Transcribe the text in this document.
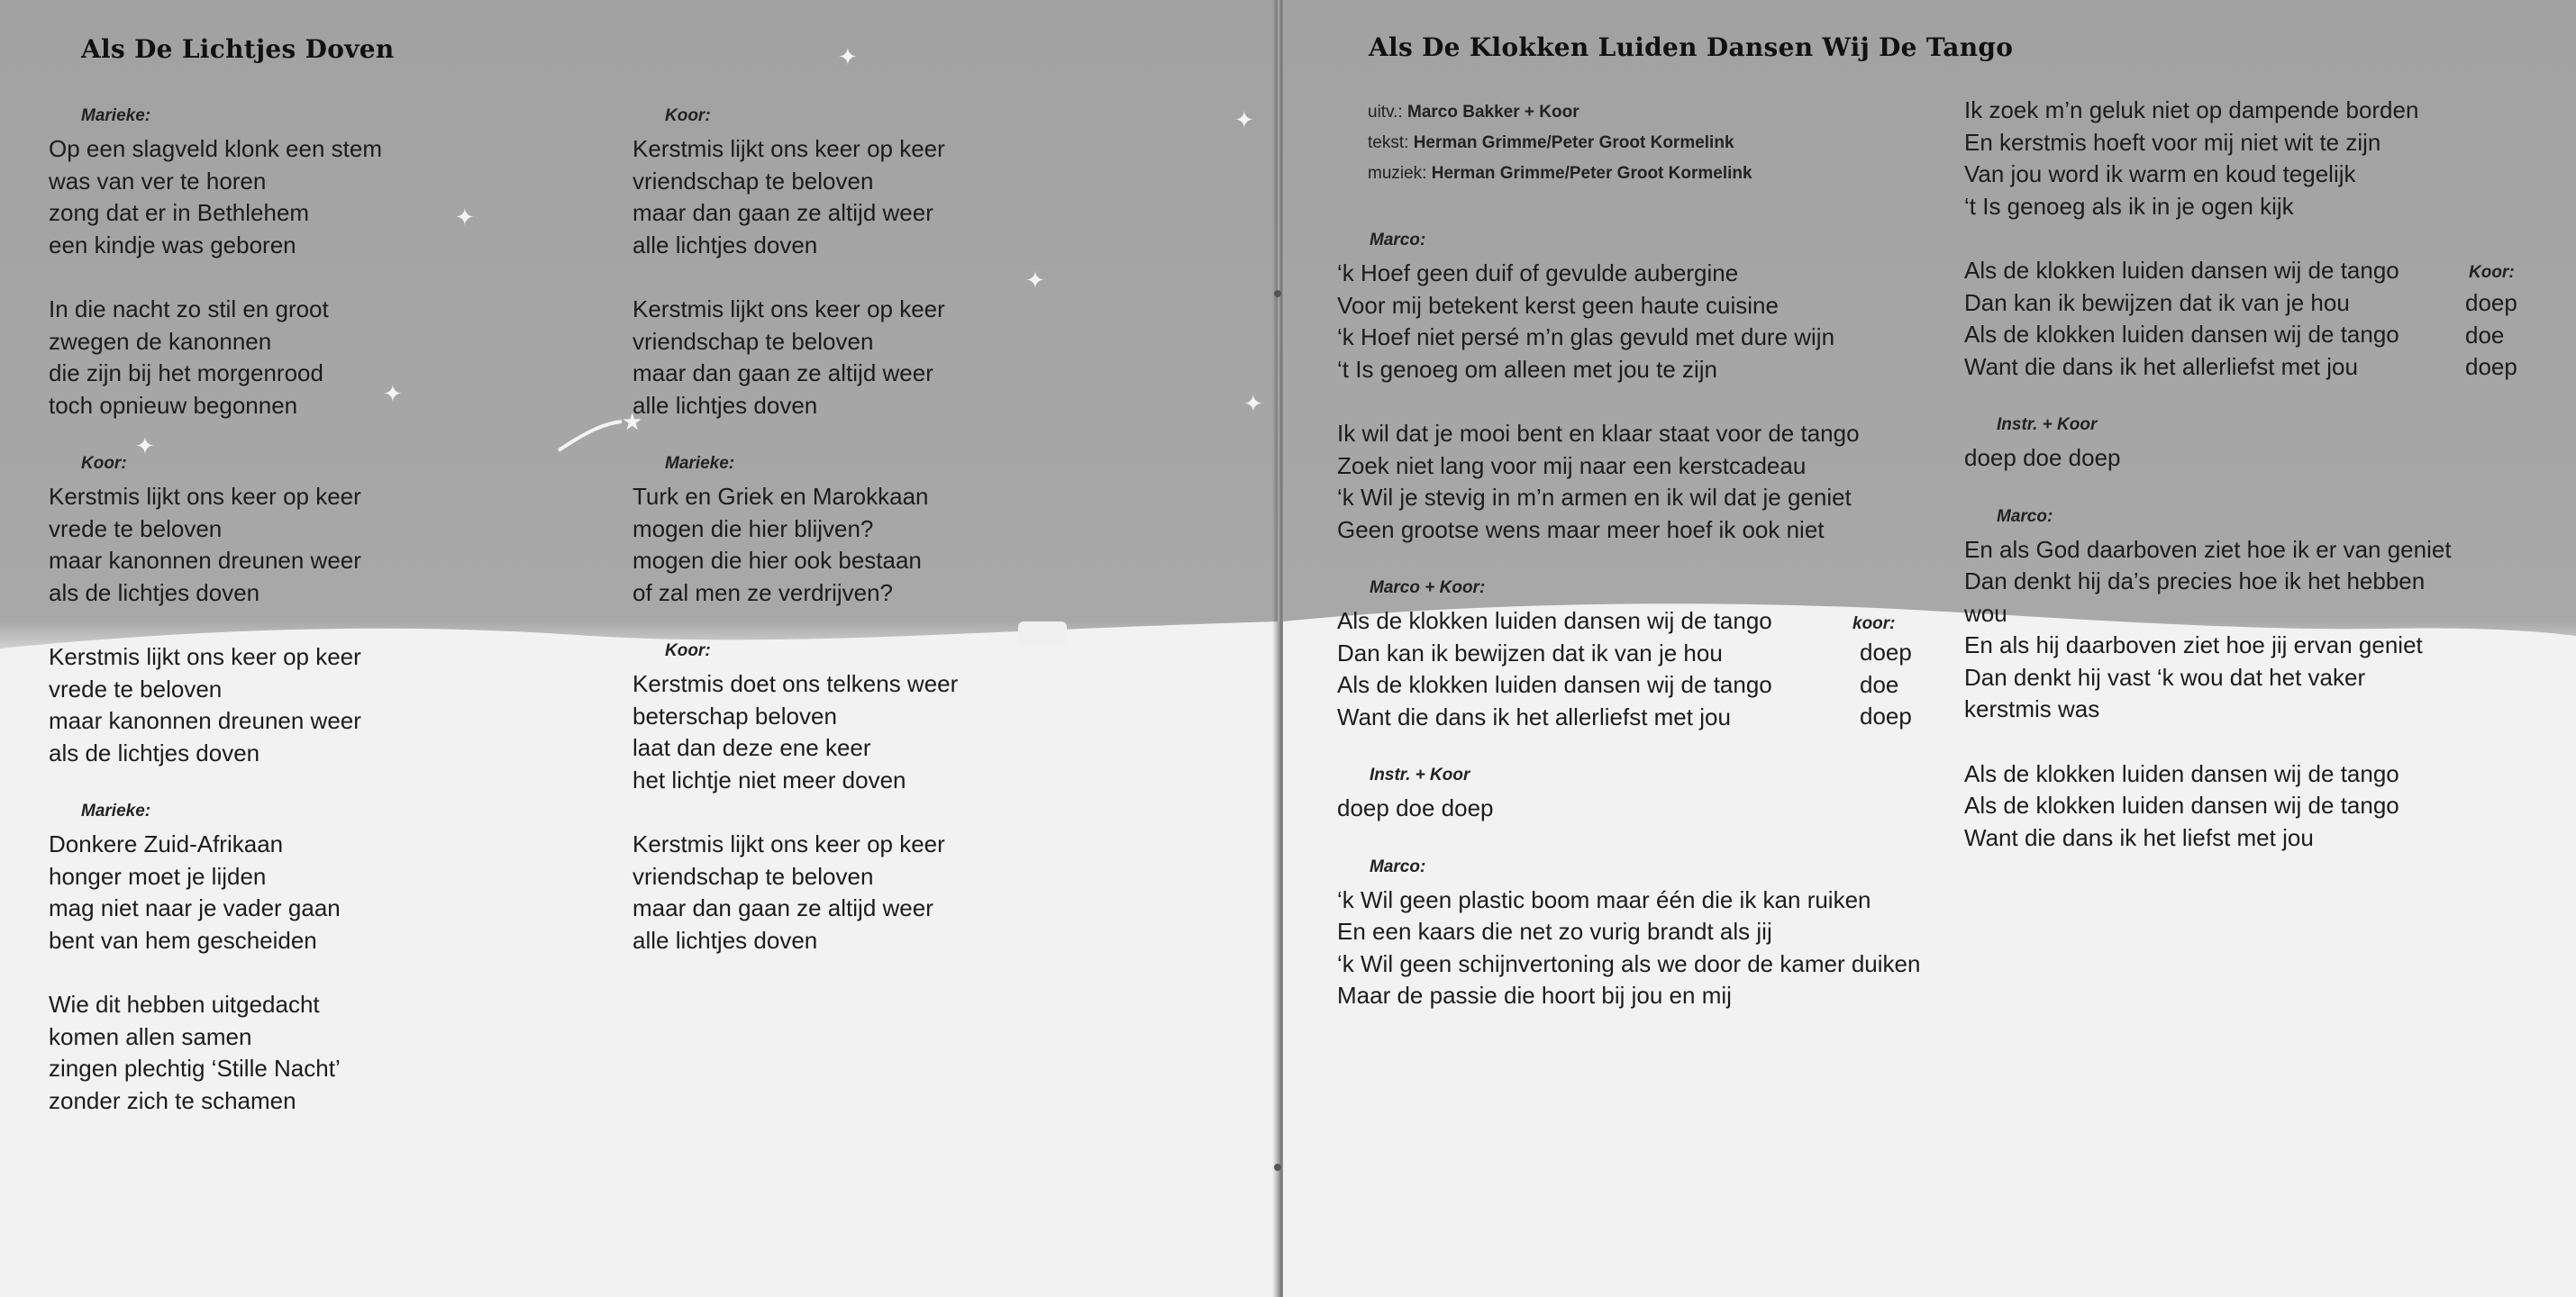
✦
✦
✦
✦
✦	✦
✦
★
Als De Lichtjes Doven
Marieke:
Op een slagveld klonk een stem
was van ver te horen
zong dat er in Bethlehem
een kindje was geboren
In die nacht zo stil en groot
zwegen de kanonnen
die zijn bij het morgenrood
toch opnieuw begonnen
Koor:
Kerstmis lijkt ons keer op keer
vrede te beloven
maar kanonnen dreunen weer
als de lichtjes doven
Kerstmis lijkt ons keer op keer
vrede te beloven
maar kanonnen dreunen weer
als de lichtjes doven
Marieke:
Donkere Zuid-Afrikaan
honger moet je lijden
mag niet naar je vader gaan
bent van hem gescheiden
Wie dit hebben uitgedacht
komen allen samen
zingen plechtig ‘Stille Nacht’
zonder zich te schamen
Koor:
Kerstmis lijkt ons keer op keer
vriendschap te beloven
maar dan gaan ze altijd weer
alle lichtjes doven
Kerstmis lijkt ons keer op keer
vriendschap te beloven
maar dan gaan ze altijd weer
alle lichtjes doven
Marieke:
Turk en Griek en Marokkaan
mogen die hier blijven?
mogen die hier ook bestaan
of zal men ze verdrijven?
Koor:
Kerstmis doet ons telkens weer
beterschap beloven
laat dan deze ene keer
het lichtje niet meer doven
Kerstmis lijkt ons keer op keer
vriendschap te beloven
maar dan gaan ze altijd weer
alle lichtjes doven
Als De Klokken Luiden Dansen Wij De Tango
uitv.: Marco Bakker + Koor
tekst: Herman Grimme/Peter Groot Kormelink
muziek: Herman Grimme/Peter Groot Kormelink
Marco:
‘k Hoef geen duif of gevulde aubergine
Voor mij betekent kerst geen haute cuisine
‘k Hoef niet persé m’n glas gevuld met dure wijn
‘t Is genoeg om alleen met jou te zijn
Ik wil dat je mooi bent en klaar staat voor de tango
Zoek niet lang voor mij naar een kerstcadeau
‘k Wil je stevig in m’n armen en ik wil dat je geniet
Geen grootse wens maar meer hoef ik ook niet
Marco + Koor:
Als de klokken luiden dansen wij de tango
Dan kan ik bewijzen dat ik van je hou
Als de klokken luiden dansen wij de tango
Want die dans ik het allerliefst met jou
Instr. + Koor
doep doe doep
Marco:
‘k Wil geen plastic boom maar één die ik kan ruiken
En een kaars die net zo vurig brandt als jij
‘k Wil geen schijnvertoning als we door de kamer duiken
Maar de passie die hoort bij jou en mij
Ik zoek m’n geluk niet op dampende borden
En kerstmis hoeft voor mij niet wit te zijn
Van jou word ik warm en koud tegelijk
‘t Is genoeg als ik in je ogen kijk
Als de klokken luiden dansen wij de tango
Dan kan ik bewijzen dat ik van je hou
Als de klokken luiden dansen wij de tango
Want die dans ik het allerliefst met jou
Instr. + Koor
doep doe doep
Marco:
En als God daarboven ziet hoe ik er van geniet
Dan denkt hij da’s precies hoe ik het hebben
wou
En als hij daarboven ziet hoe jij ervan geniet
Dan denkt hij vast ‘k wou dat het vaker
kerstmis was
Als de klokken luiden dansen wij de tango
Als de klokken luiden dansen wij de tango
Want die dans ik het liefst met jou
koor:
doep
doe
doep
Koor:
doep
doe
doep
